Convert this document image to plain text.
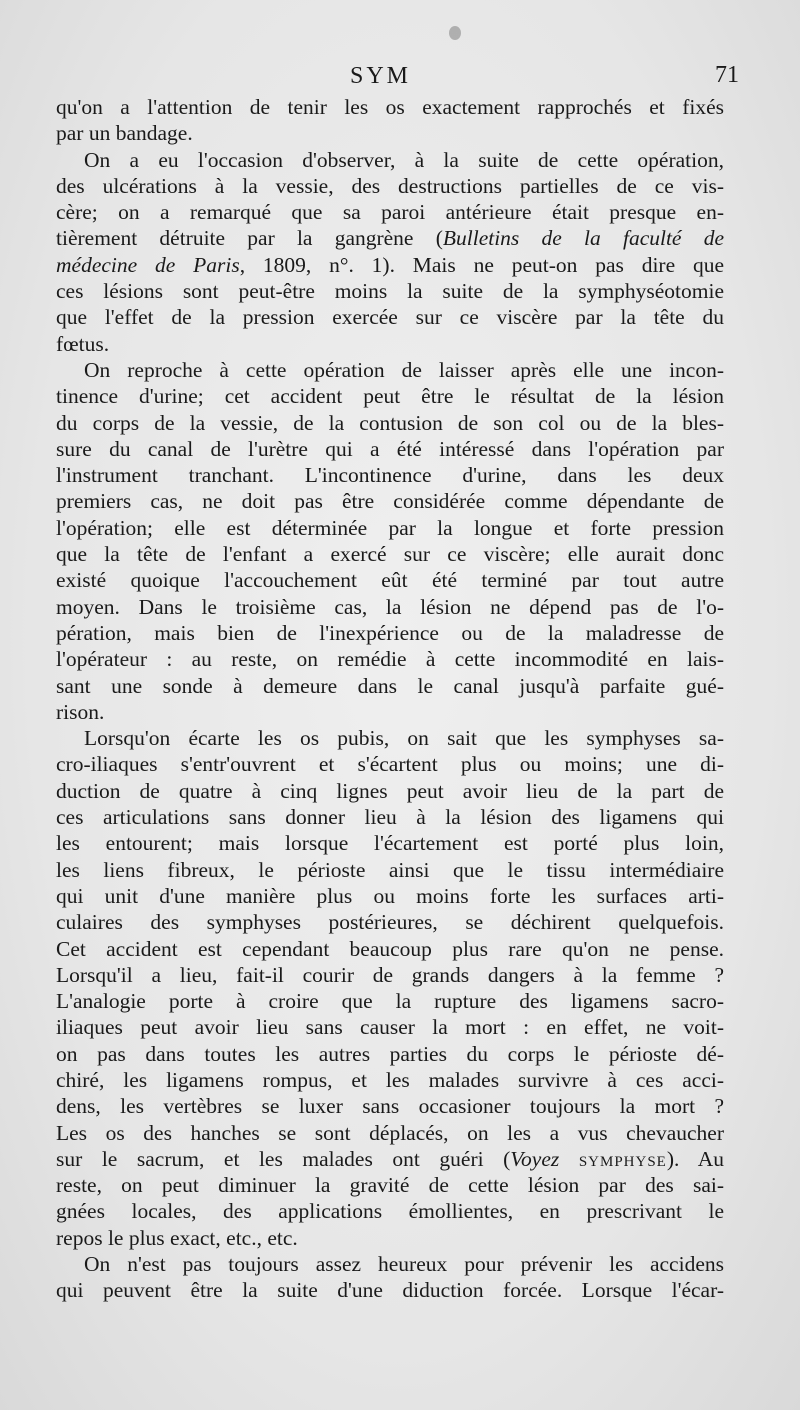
SYM	71
qu'on a l'attention de tenir les os exactement rapprochés et fixés
par un bandage.
On a eu l'occasion d'observer, à la suite de cette opération,
des ulcérations à la vessie, des destructions partielles de ce vis-
cère; on a remarqué que sa paroi antérieure était presque en-
tièrement détruite par la gangrène (Bulletins de la faculté de
médecine de Paris, 1809, n°. 1). Mais ne peut-on pas dire que
ces lésions sont peut-être moins la suite de la symphyséotomie
que l'effet de la pression exercée sur ce viscère par la tête du
fœtus.
On reproche à cette opération de laisser après elle une incon-
tinence d'urine; cet accident peut être le résultat de la lésion
du corps de la vessie, de la contusion de son col ou de la bles-
sure du canal de l'urètre qui a été intéressé dans l'opération par
l'instrument tranchant. L'incontinence d'urine, dans les deux
premiers cas, ne doit pas être considérée comme dépendante de
l'opération; elle est déterminée par la longue et forte pression
que la tête de l'enfant a exercé sur ce viscère; elle aurait donc
existé quoique l'accouchement eût été terminé par tout autre
moyen. Dans le troisième cas, la lésion ne dépend pas de l'o-
pération, mais bien de l'inexpérience ou de la maladresse de
l'opérateur : au reste, on remédie à cette incommodité en lais-
sant une sonde à demeure dans le canal jusqu'à parfaite gué-
rison.
Lorsqu'on écarte les os pubis, on sait que les symphyses sa-
cro-iliaques s'entr'ouvrent et s'écartent plus ou moins; une di-
duction de quatre à cinq lignes peut avoir lieu de la part de
ces articulations sans donner lieu à la lésion des ligamens qui
les entourent; mais lorsque l'écartement est porté plus loin,
les liens fibreux, le périoste ainsi que le tissu intermédiaire
qui unit d'une manière plus ou moins forte les surfaces arti-
culaires des symphyses postérieures, se déchirent quelquefois.
Cet accident est cependant beaucoup plus rare qu'on ne pense.
Lorsqu'il a lieu, fait-il courir de grands dangers à la femme ?
L'analogie porte à croire que la rupture des ligamens sacro-
iliaques peut avoir lieu sans causer la mort : en effet, ne voit-
on pas dans toutes les autres parties du corps le périoste dé-
chiré, les ligamens rompus, et les malades survivre à ces acci-
dens, les vertèbres se luxer sans occasioner toujours la mort ?
Les os des hanches se sont déplacés, on les a vus chevaucher
sur le sacrum, et les malades ont guéri (Voyez SYMPHYSE). Au
reste, on peut diminuer la gravité de cette lésion par des sai-
gnées locales, des applications émollientes, en prescrivant le
repos le plus exact, etc., etc.
On n'est pas toujours assez heureux pour prévenir les accidens
qui peuvent être la suite d'une diduction forcée. Lorsque l'écar-
